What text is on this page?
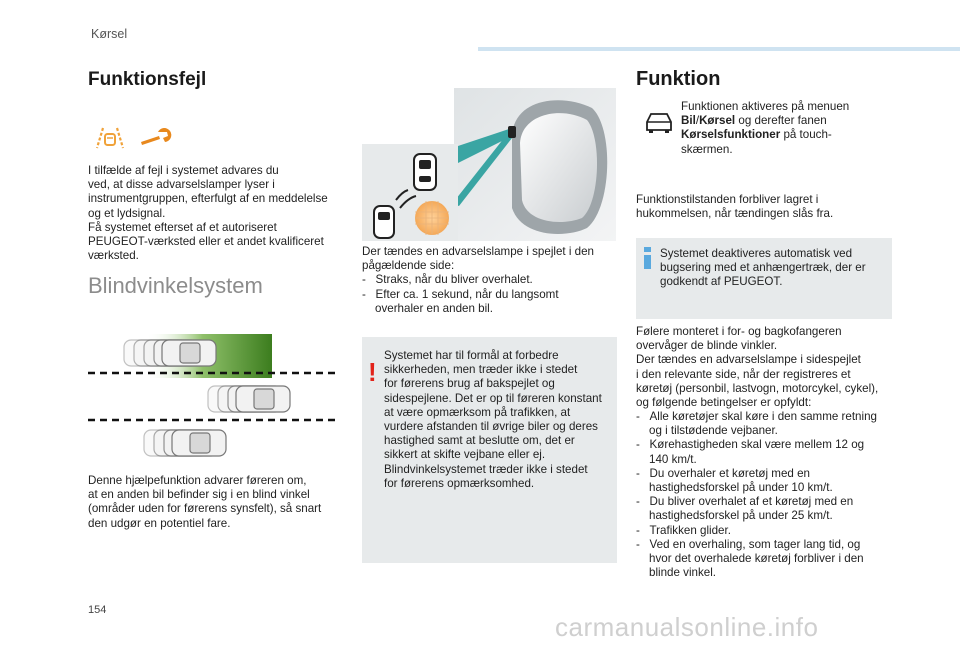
Kørsel
Funktionsfejl

I tilfælde af fejl i systemet advares du

ved, at disse advarselslamper lyser i

instrumentgruppen, efterfulgt af en meddelelse

og et lydsignal.

Få systemet efterset af et autoriseret

PEUGEOT-værksted eller et andet kvalificeret

værksted.

Blindvinkelsystem

Denne hjælpefunktion advarer føreren om,

at en anden bil befinder sig i en blind vinkel

(områder uden for førerens synsfelt), så snart

den udgør en potentiel fare.

Der tændes en advarselslampe i spejlet i den

pågældende side:

-   Straks, når du bliver overhalet.

-   Efter ca. 1 sekund, når du langsomt

overhaler en anden bil.

!

Systemet har til formål at forbedre

sikkerheden, men træder ikke i stedet

for førerens brug af bakspejlet og

sidespejlene. Det er op til føreren konstant

at være opmærksom på trafikken, at

vurdere afstanden til øvrige biler og deres

hastighed samt at beslutte om, det er

sikkert at skifte vejbane eller ej.

Blindvinkelsystemet træder ikke i stedet

for førerens opmærksomhed.

Funktion

Funktionen aktiveres på menuen

Bil/Kørsel og derefter fanen

Kørselsfunktioner på touch-

skærmen.

Funktionstilstanden forbliver lagret i

hukommelsen, når tændingen slås fra.

Systemet deaktiveres automatisk ved

bugsering med et anhængertræk, der er

godkendt af PEUGEOT.

Følere monteret i for- og bagkofangeren

overvåger de blinde vinkler.

Der tændes en advarselslampe i sidespejlet

i den relevante side, når der registreres et

køretøj (personbil, lastvogn, motorcykel, cykel),

og følgende betingelser er opfyldt:

-   Alle køretøjer skal køre i den samme retning

og i tilstødende vejbaner.

-   Kørehastigheden skal være mellem 12 og

140 km/t.

-   Du overhaler et køretøj med en

hastighedsforskel på under 10 km/t.

-   Du bliver overhalet af et køretøj med en

hastighedsforskel på under 25 km/t.

-   Trafikken glider.

-   Ved en overhaling, som tager lang tid, og

hvor det overhalede køretøj forbliver i den

blinde vinkel.

154
carmanualsonline.info
